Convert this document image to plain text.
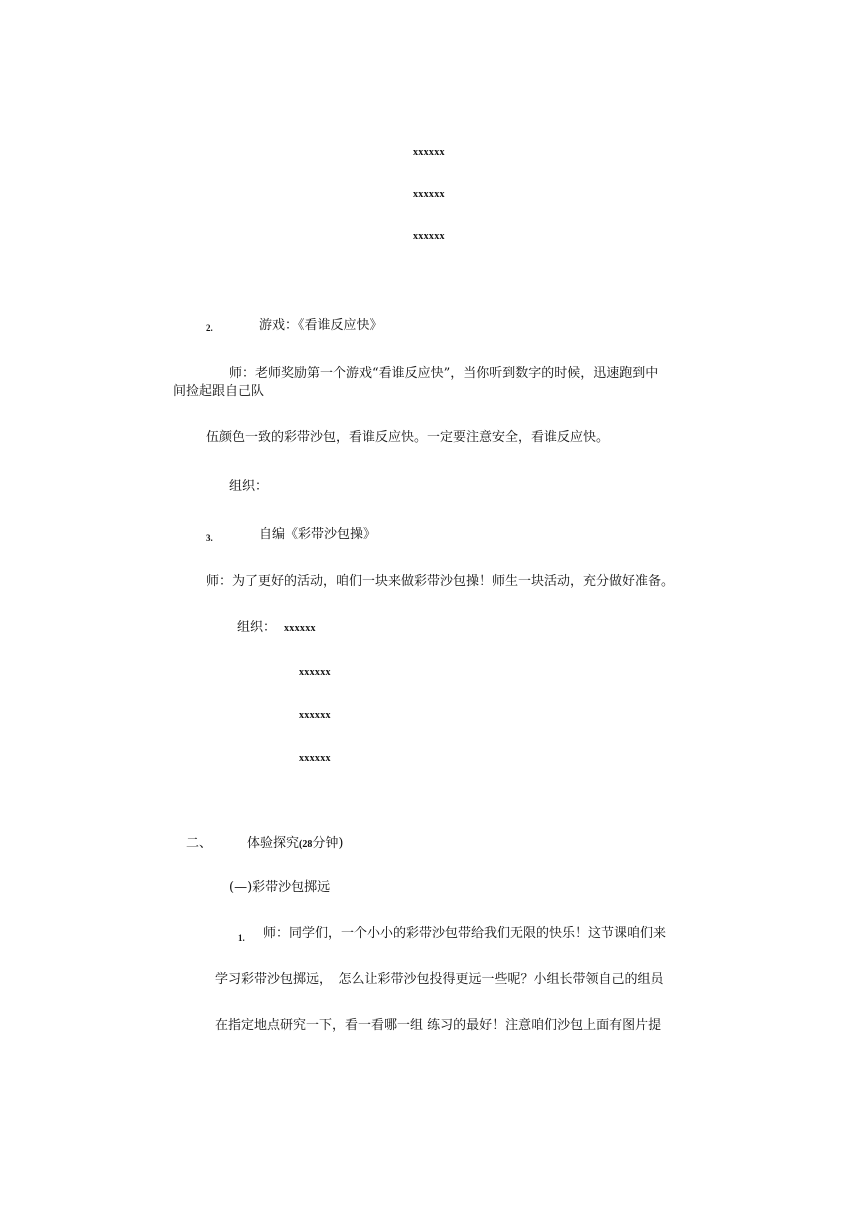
xxxxxx
xxxxxx
xxxxxx
2.	游戏：《看谁反应快》
师：老师奖励第一个游戏“看谁反应快”，当你听到数字的时候，迅速跑到中
间捡起跟自己队
伍颜色一致的彩带沙包，看谁反应快。一定要注意安全，看谁反应快。
组织：
3.	自编《彩带沙包操》
师：为了更好的活动，咱们一块来做彩带沙包操！师生一块活动，充分做好准备。
组织： xxxxxx
xxxxxx
xxxxxx
xxxxxx
二、	体验探究(28分钟)
(—)彩带沙包掷远
1. 师：同学们，一个小小的彩带沙包带给我们无限的快乐！这节课咱们来
学习彩带沙包掷远，　怎么让彩带沙包投得更远一些呢？小组长带领自己的组员
在指定地点研究一下，看一看哪一组 练习的最好！注意咱们沙包上面有图片提
